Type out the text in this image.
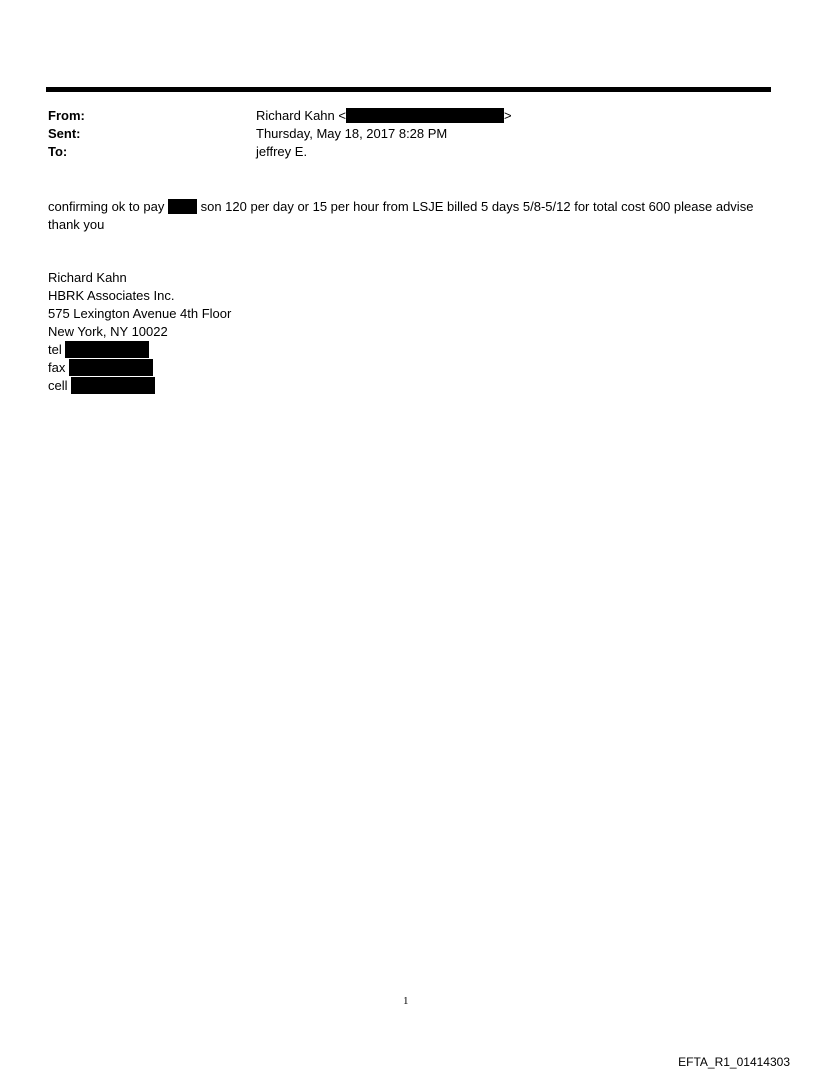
From:	Richard Kahn <	>
Sent:	Thursday, May 18, 2017 8:28 PM
To:	jeffrey E.
confirming ok to pay	son 120 per day or 15 per hour from LSJE billed 5 days 5/8-5/12 for total cost 600 please advise thank you
Richard Kahn
HBRK Associates Inc.
575 Lexington Avenue 4th Floor
New York, NY 10022
tel
fax
cell
1
EFTA_R1_01414303
